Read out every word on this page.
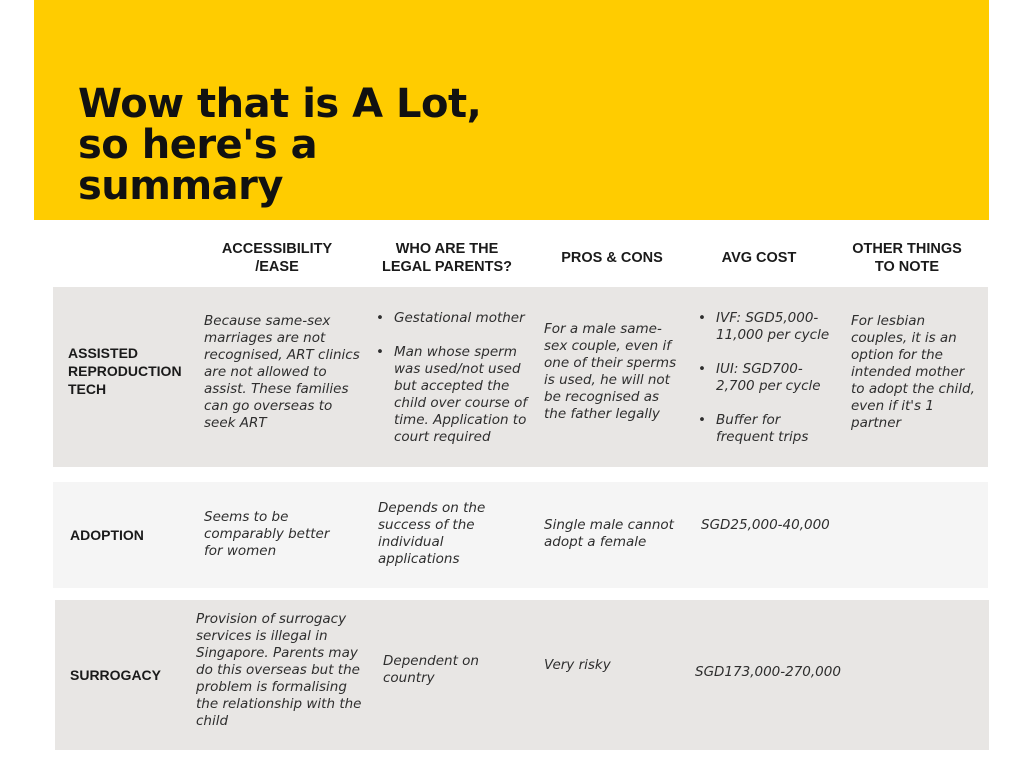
Wow that is A Lot,
so here's a
summary
ACCESSIBILITY
/EASE
WHO ARE THE
LEGAL PARENTS?
PROS & CONS	AVG COST
OTHER THINGS
TO NOTE
ASSISTED
REPRODUCTION
TECH
Because same-sex marriages are not recognised, ART clinics are not allowed to assist. These families can go overseas to seek ART
• Gestational mother
• Man whose sperm was used/not used but accepted the child over course of time. Application to court required
For a male same-sex couple, even if one of their sperms is used, he will not be recognised as the father legally
• IVF: SGD5,000-11,000 per cycle
• IUI: SGD700-2,700 per cycle
• Buffer for frequent trips
For lesbian couples, it is an option for the intended mother to adopt the child, even if it's 1 partner
ADOPTION
Seems to be comparably better for women
Depends on the success of the individual applications
Single male cannot adopt a female
SGD25,000-40,000
SURROGACY
Provision of surrogacy services is illegal in Singapore. Parents may do this overseas but the problem is formalising the relationship with the child
Dependent on country
Very risky	SGD173,000-270,000
